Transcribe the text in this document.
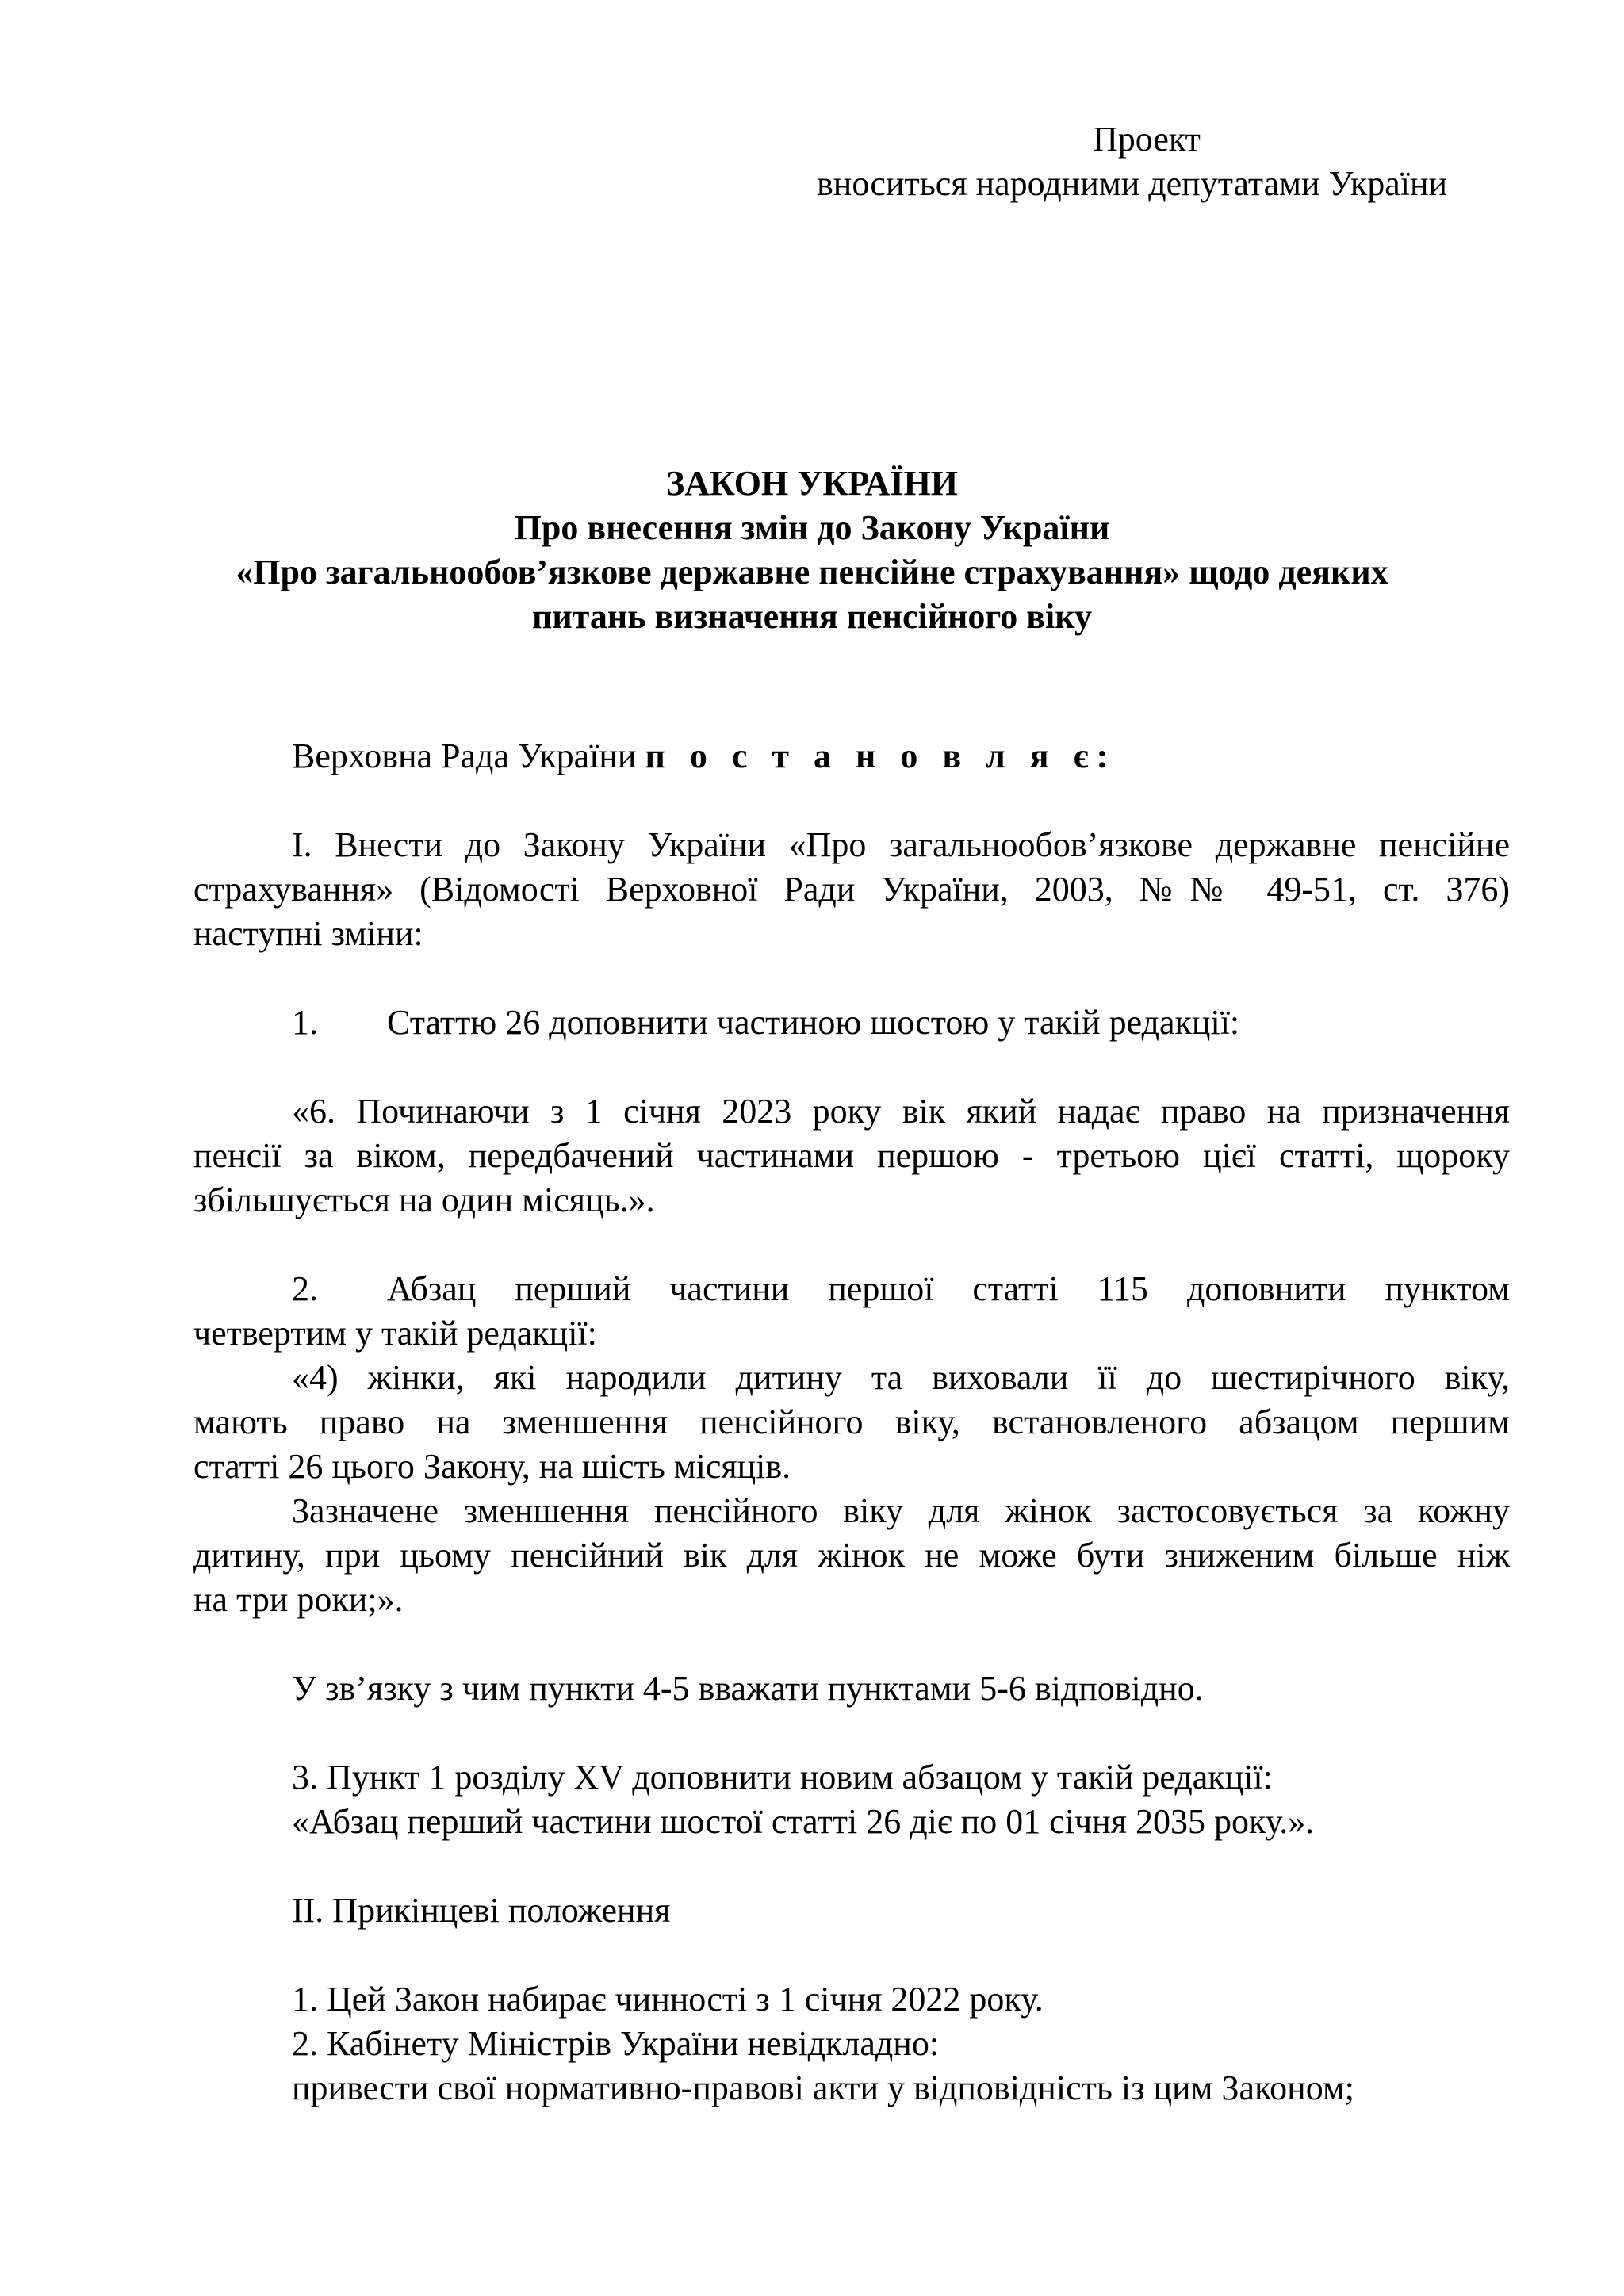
Проект
вноситься народними депутатами України
ЗАКОН УКРАЇНИ
Про внесення змін до Закону України
«Про загальнообов’язкове державне пенсійне страхування» щодо деяких
питань визначення пенсійного віку
Верховна Рада України п о с т а н о в л я є:
І. Внести до Закону України «Про загальнообов’язкове державне пенсійне
страхування» (Відомості Верховної Ради України, 2003, №№ 49-51, ст. 376)
наступні зміни:
1. Статтю 26 доповнити частиною шостою у такій редакції:
«6. Починаючи з 1 січня 2023 року вік який надає право на призначення
пенсії за віком, передбачений частинами першою - третьою цієї статті, щороку
збільшується на один місяць.».
2. Абзац перший частини першої статті 115 доповнити пунктом
четвертим у такій редакції:
«4) жінки, які народили дитину та виховали її до шестирічного віку,
мають право на зменшення пенсійного віку, встановленого абзацом першим
статті 26 цього Закону, на шість місяців.
Зазначене зменшення пенсійного віку для жінок застосовується за кожну
дитину, при цьому пенсійний вік для жінок не може бути зниженим більше ніж
на три роки;».
У зв’язку з чим пункти 4-5 вважати пунктами 5-6 відповідно.
3. Пункт 1 розділу XV доповнити новим абзацом у такій редакції:
«Абзац перший частини шостої статті 26 діє по 01 січня 2035 року.».
ІІ. Прикінцеві положення
1. Цей Закон набирає чинності з 1 січня 2022 року.
2. Кабінету Міністрів України невідкладно:
привести свої нормативно-правові акти у відповідність із цим Законом;
